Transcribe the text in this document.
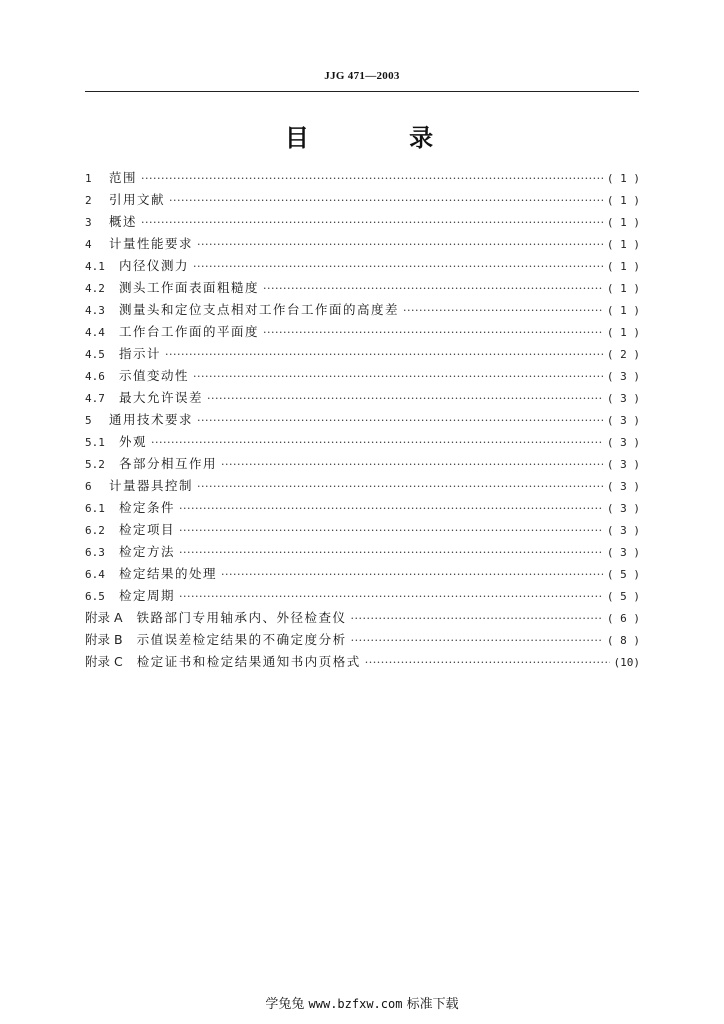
JJG 471—2003
目 录
1	范围 ·····	( 1 )
2	引用文献 ·····	( 1 )
3	概述 ·····	( 1 )
4	计量性能要求 ·····	( 1 )
4.1	内径仪测力 ·····	( 1 )
4.2	测头工作面表面粗糙度 ·····	( 1 )
4.3	测量头和定位支点相对工作台工作面的高度差 ·····	( 1 )
4.4	工作台工作面的平面度 ·····	( 1 )
4.5	指示计 ·····	( 2 )
4.6	示值变动性 ·····	( 3 )
4.7	最大允许误差 ·····	( 3 )
5	通用技术要求 ·····	( 3 )
5.1	外观 ·····	( 3 )
5.2	各部分相互作用 ·····	( 3 )
6	计量器具控制 ·····	( 3 )
6.1	检定条件 ·····	( 3 )
6.2	检定项目 ·····	( 3 )
6.3	检定方法 ·····	( 3 )
6.4	检定结果的处理 ·····	( 5 )
6.5	检定周期 ·····	( 5 )
附录 A 铁路部门专用轴承内、外径检查仪 ·····	( 6 )
附录 B 示值误差检定结果的不确定度分析 ·····	( 8 )
附录 C 检定证书和检定结果通知书内页格式 ·····	(10)
学兔兔 www.bzfxw.com 标准下载
